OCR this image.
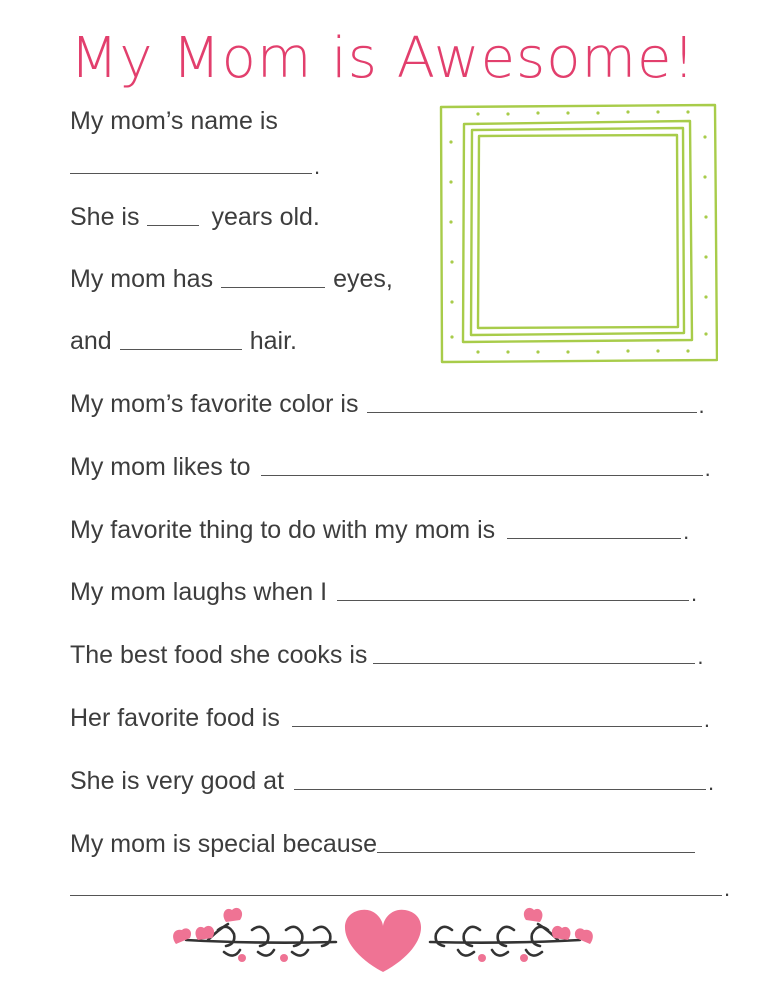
My Mom is Awesome!
My mom’s name is
.
She is	years old.
My mom has	eyes,
and	hair.
My mom’s favorite color is	.
My mom likes to	.
My favorite thing to do with my mom is	.
My mom laughs when I	.
The best food she cooks is	.
Her favorite food is	.
She is very good at	.
My mom is special because
.
